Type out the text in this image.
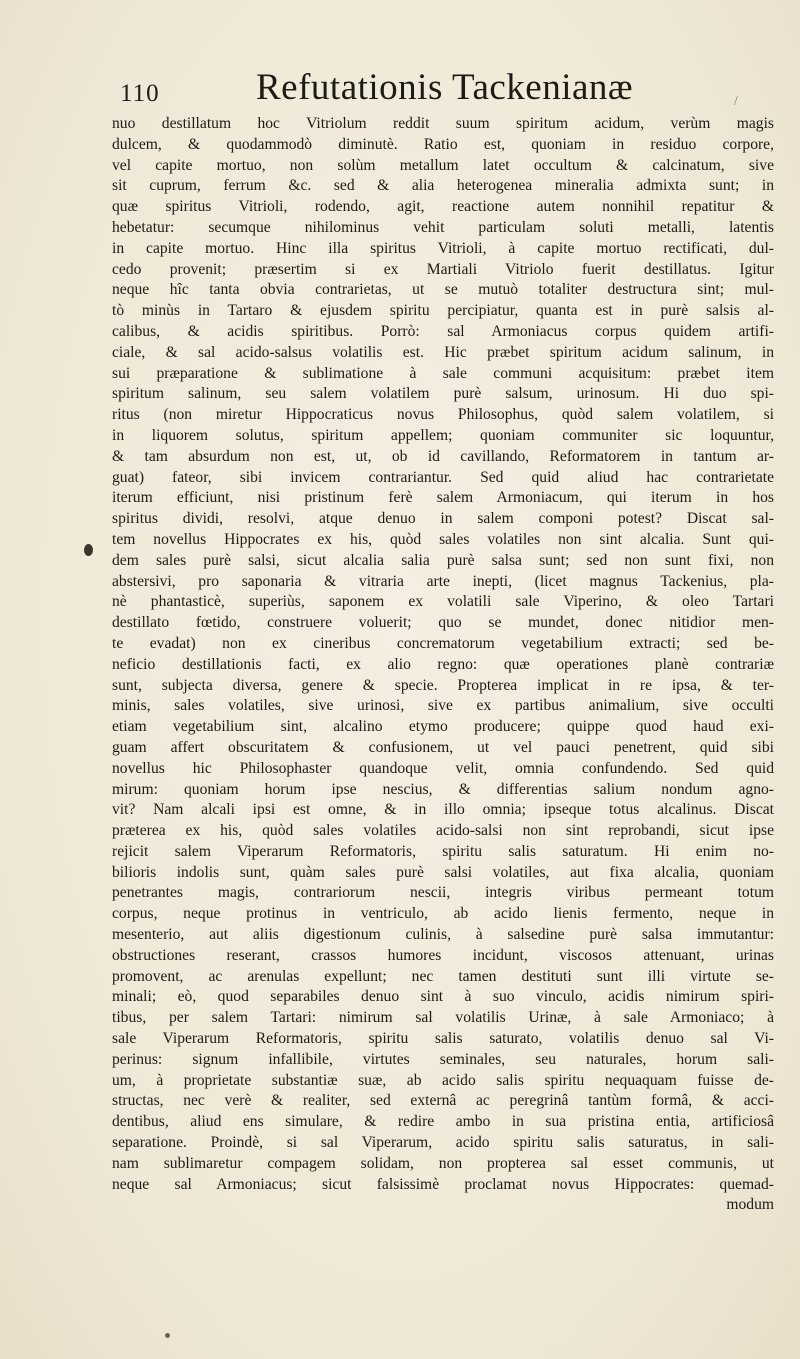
110	Refutationis Tackenianæ	/
nuo destillatum hoc Vitriolum reddit suum spiritum acidum, verùm magis
dulcem, & quodammodò diminutè. Ratio est, quoniam in residuo corpore,
vel capite mortuo, non solùm metallum latet occultum & calcinatum, sive
sit cuprum, ferrum &c. sed & alia heterogenea mineralia admixta sunt; in
quæ spiritus Vitrioli, rodendo, agit, reactione autem nonnihil repatitur &
hebetatur: secumque nihilominus vehit particulam soluti metalli, latentis
in capite mortuo. Hinc illa spiritus Vitrioli, à capite mortuo rectificati, dul-
cedo provenit; præsertim si ex Martiali Vitriolo fuerit destillatus. Igitur
neque hîc tanta obvia contrarietas, ut se mutuò totaliter destructura sint; mul-
tò minùs in Tartaro & ejusdem spiritu percipiatur, quanta est in purè salsis al-
calibus, & acidis spiritibus. Porrò: sal Armoniacus corpus quidem artifi-
ciale, & sal acido-salsus volatilis est. Hic præbet spiritum acidum salinum, in
sui præparatione & sublimatione à sale communi acquisitum: præbet item
spiritum salinum, seu salem volatilem purè salsum, urinosum. Hi duo spi-
ritus (non miretur Hippocraticus novus Philosophus, quòd salem volatilem, si
in liquorem solutus, spiritum appellem; quoniam communiter sic loquuntur,
& tam absurdum non est, ut, ob id cavillando, Reformatorem in tantum ar-
guat) fateor, sibi invicem contrariantur. Sed quid aliud hac contrarietate
iterum efficiunt, nisi pristinum ferè salem Armoniacum, qui iterum in hos
spiritus dividi, resolvi, atque denuo in salem componi potest? Discat sal-
tem novellus Hippocrates ex his, quòd sales volatiles non sint alcalia. Sunt qui-
dem sales purè salsi, sicut alcalia salia purè salsa sunt; sed non sunt fixi, non
abstersivi, pro saponaria & vitraria arte inepti, (licet magnus Tackenius, pla-
nè phantasticè, superiùs, saponem ex volatili sale Viperino, & oleo Tartari
destillato fœtido, construere voluerit; quo se mundet, donec nitidior men-
te evadat) non ex cineribus concrematorum vegetabilium extracti; sed be-
neficio destillationis facti, ex alio regno: quæ operationes planè contrariæ
sunt, subjecta diversa, genere & specie. Propterea implicat in re ipsa, & ter-
minis, sales volatiles, sive urinosi, sive ex partibus animalium, sive occulti
etiam vegetabilium sint, alcalino etymo producere; quippe quod haud exi-
guam affert obscuritatem & confusionem, ut vel pauci penetrent, quid sibi
novellus hic Philosophaster quandoque velit, omnia confundendo. Sed quid
mirum: quoniam horum ipse nescius, & differentias salium nondum agno-
vit? Nam alcali ipsi est omne, & in illo omnia; ipseque totus alcalinus. Discat
præterea ex his, quòd sales volatiles acido-salsi non sint reprobandi, sicut ipse
rejicit salem Viperarum Reformatoris, spiritu salis saturatum. Hi enim no-
bilioris indolis sunt, quàm sales purè salsi volatiles, aut fixa alcalia, quoniam
penetrantes magis, contrariorum nescii, integris viribus permeant totum
corpus, neque protinus in ventriculo, ab acido lienis fermento, neque in
mesenterio, aut aliis digestionum culinis, à salsedine purè salsa immutantur:
obstructiones reserant, crassos humores incidunt, viscosos attenuant, urinas
promovent, ac arenulas expellunt; nec tamen destituti sunt illi virtute se-
minali; eò, quod separabiles denuo sint à suo vinculo, acidis nimirum spiri-
tibus, per salem Tartari: nimirum sal volatilis Urinæ, à sale Armoniaco; à
sale Viperarum Reformatoris, spiritu salis saturato, volatilis denuo sal Vi-
perinus: signum infallibile, virtutes seminales, seu naturales, horum sali-
um, à proprietate substantiæ suæ, ab acido salis spiritu nequaquam fuisse de-
structas, nec verè & realiter, sed externâ ac peregrinâ tantùm formâ, & acci-
dentibus, aliud ens simulare, & redire ambo in sua pristina entia, artificiosâ
separatione. Proindè, si sal Viperarum, acido spiritu salis saturatus, in sali-
nam sublimaretur compagem solidam, non propterea sal esset communis, ut
neque sal Armoniacus; sicut falsissimè proclamat novus Hippocrates: quemad-
modum
